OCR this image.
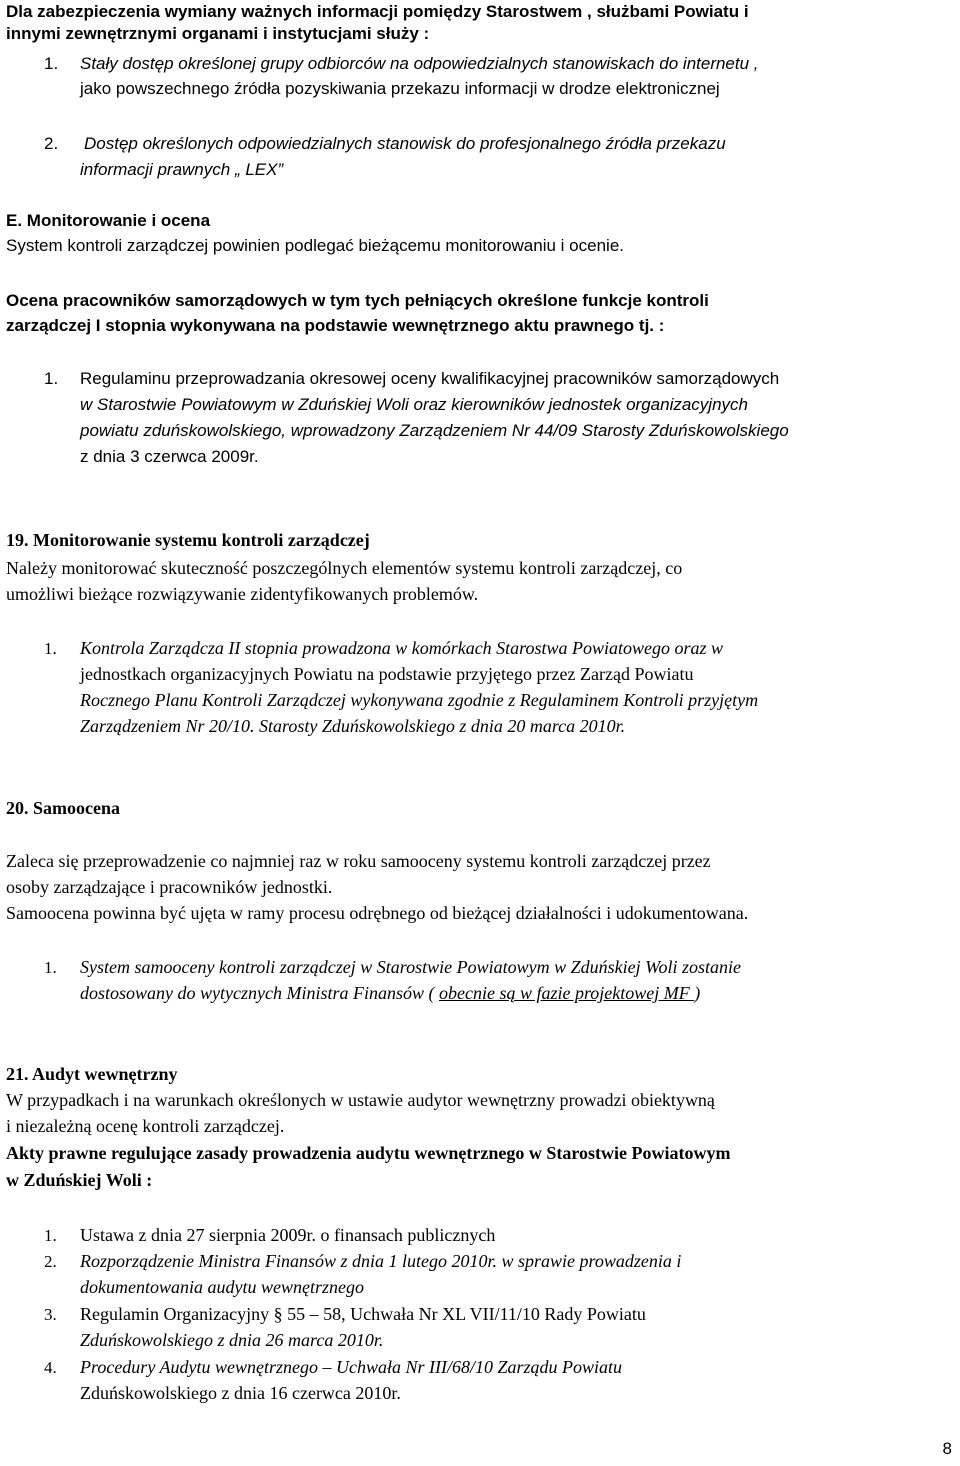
Dla zabezpieczenia wymiany ważnych informacji pomiędzy Starostwem , służbami Powiatu i
innymi zewnętrznymi organami i instytucjami służy :
1. Stały dostęp określonej grupy odbiorców na odpowiedzialnych stanowiskach do internetu ,
jako powszechnego źródła pozyskiwania przekazu informacji w drodze elektronicznej
2. Dostęp określonych odpowiedzialnych stanowisk do profesjonalnego źródła przekazu
informacji prawnych „ LEX”
E. Monitorowanie i ocena
System kontroli zarządczej powinien podlegać bieżącemu monitorowaniu i ocenie.
Ocena pracowników samorządowych w tym tych pełniących określone funkcje kontroli
zarządczej I stopnia wykonywana na podstawie wewnętrznego aktu prawnego tj. :
1. Regulaminu przeprowadzania okresowej oceny kwalifikacyjnej pracowników samorządowych
w Starostwie Powiatowym w Zduńskiej Woli oraz kierowników jednostek organizacyjnych
powiatu zduńskowolskiego, wprowadzony Zarządzeniem Nr 44/09 Starosty Zduńskowolskiego
z dnia 3 czerwca 2009r.
19. Monitorowanie systemu kontroli zarządczej
Należy monitorować skuteczność poszczególnych elementów systemu kontroli zarządczej, co
umożliwi bieżące rozwiązywanie zidentyfikowanych problemów.
1. Kontrola Zarządcza II stopnia prowadzona w komórkach Starostwa Powiatowego oraz w
jednostkach organizacyjnych Powiatu na podstawie przyjętego przez Zarząd Powiatu
Rocznego Planu Kontroli Zarządczej wykonywana zgodnie z Regulaminem Kontroli przyjętym
Zarządzeniem Nr 20/10. Starosty Zduńskowolskiego z dnia 20 marca 2010r.
20. Samoocena
Zaleca się przeprowadzenie co najmniej raz w roku samooceny systemu kontroli zarządczej przez
osoby zarządzające i pracowników jednostki.
Samoocena powinna być ujęta w ramy procesu odrębnego od bieżącej działalności i udokumentowana.
1. System samooceny kontroli zarządczej w Starostwie Powiatowym w Zduńskiej Woli zostanie
dostosowany do wytycznych Ministra Finansów ( obecnie są w fazie projektowej MF )
21. Audyt wewnętrzny
W przypadkach i na warunkach określonych w ustawie audytor wewnętrzny prowadzi obiektywną
i niezależną ocenę kontroli zarządczej.
Akty prawne regulujące zasady prowadzenia audytu wewnętrznego w Starostwie Powiatowym
w Zduńskiej Woli :
1. Ustawa z dnia 27 sierpnia 2009r. o finansach publicznych
2. Rozporządzenie Ministra Finansów z dnia 1 lutego 2010r. w sprawie prowadzenia i
dokumentowania audytu wewnętrznego
3. Regulamin Organizacyjny § 55 – 58, Uchwała Nr XL VII/11/10 Rady Powiatu
Zduńskowolskiego z dnia 26 marca 2010r.
4. Procedury Audytu wewnętrznego – Uchwała Nr III/68/10 Zarządu Powiatu
Zduńskowolskiego z dnia 16 czerwca 2010r.
8
